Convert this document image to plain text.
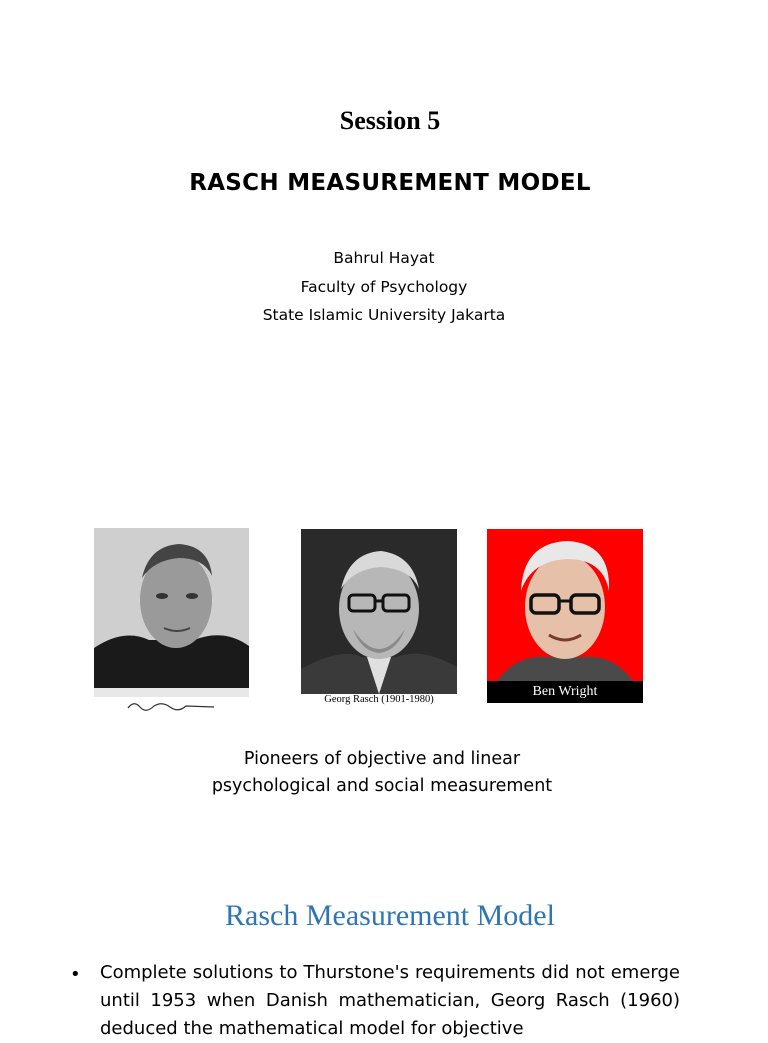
Session 5
RASCH MEASUREMENT MODEL
Bahrul Hayat
Faculty of Psychology
State Islamic University Jakarta
Georg Rasch (1901-1980)
Ben Wright
Pioneers of objective and linear
psychological and social measurement
Rasch Measurement Model
• Complete solutions to Thurstone's requirements did not emerge until 1953 when Danish mathematician, Georg Rasch (1960) deduced the mathematical model for objective
